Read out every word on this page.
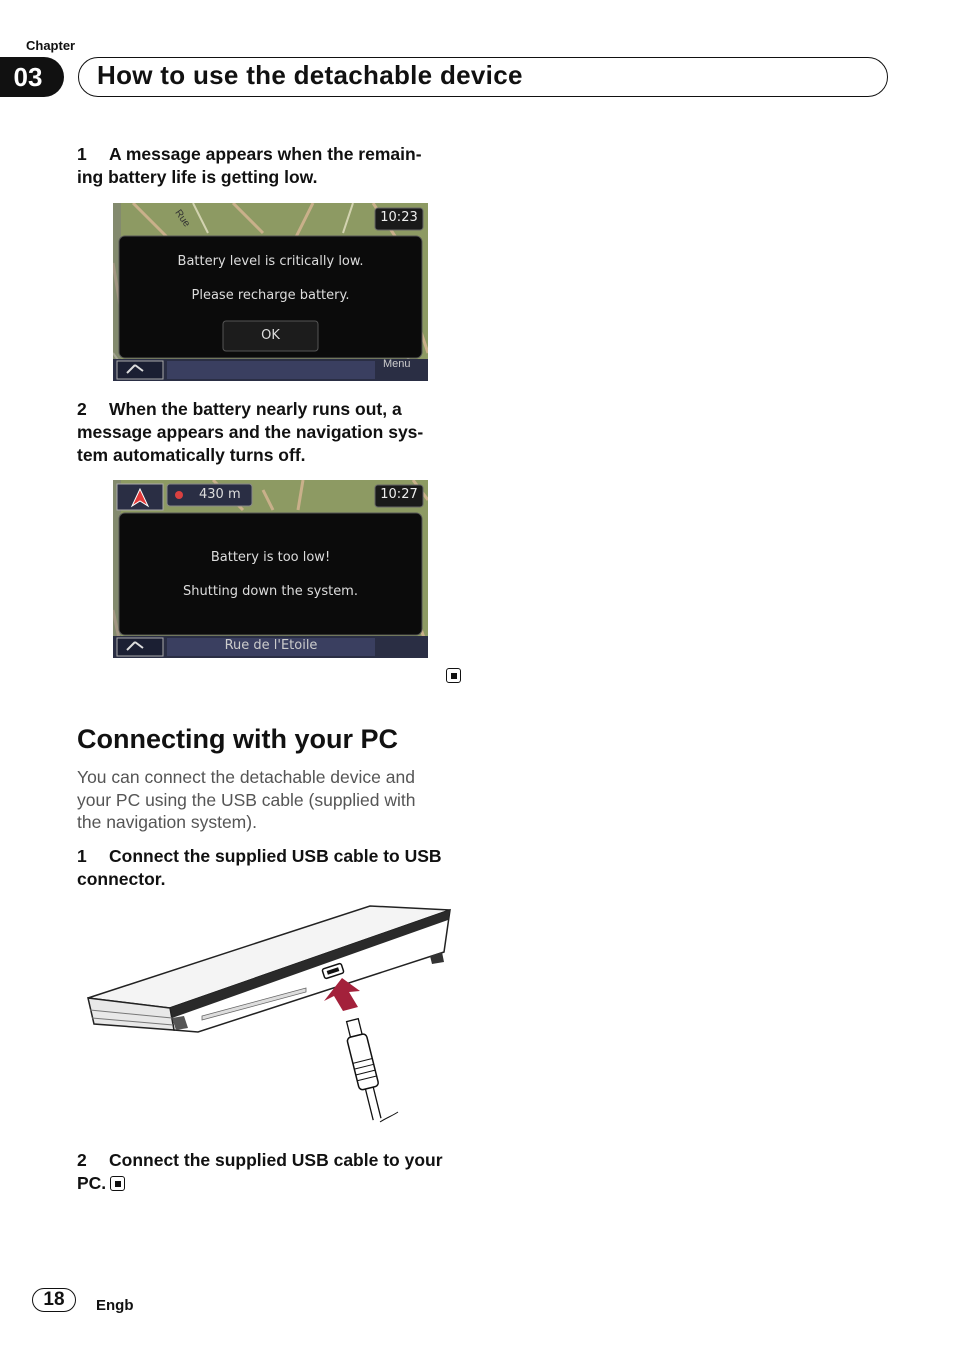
Chapter
03	How to use the detachable device
1 A message appears when the remain-
ing battery life is getting low.
10:23
Rue
Battery level is critically low.
Please recharge battery.
OK
Menu
2 When the battery nearly runs out, a
message appears and the navigation sys-
tem automatically turns off.
10:27
430 m
Battery is too low!
Shutting down the system.
Rue de l'Etoile
Connecting with your PC
You can connect the detachable device and
your PC using the USB cable (supplied with
the navigation system).
1 Connect the supplied USB cable to USB
connector.
2 Connect the supplied USB cable to your
PC.
18	Engb
